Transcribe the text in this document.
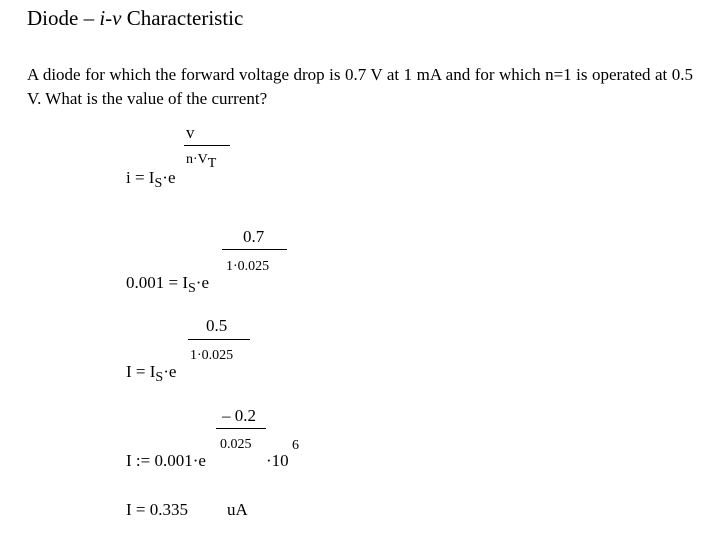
Diode – i-v Characteristic
A diode for which the forward voltage drop is 0.7 V at 1 mA and for which n=1 is operated at 0.5 V. What is the value of the current?
v
n·VT
$i = I_S\cdot e$
0.7
1·0.025
$0.001 = I_S\cdot e$
0.5
1·0.025
$I = I_S\cdot e$
– 0.2
0.025
I := 0.001·e	·10
6
I = 0.335 uA
